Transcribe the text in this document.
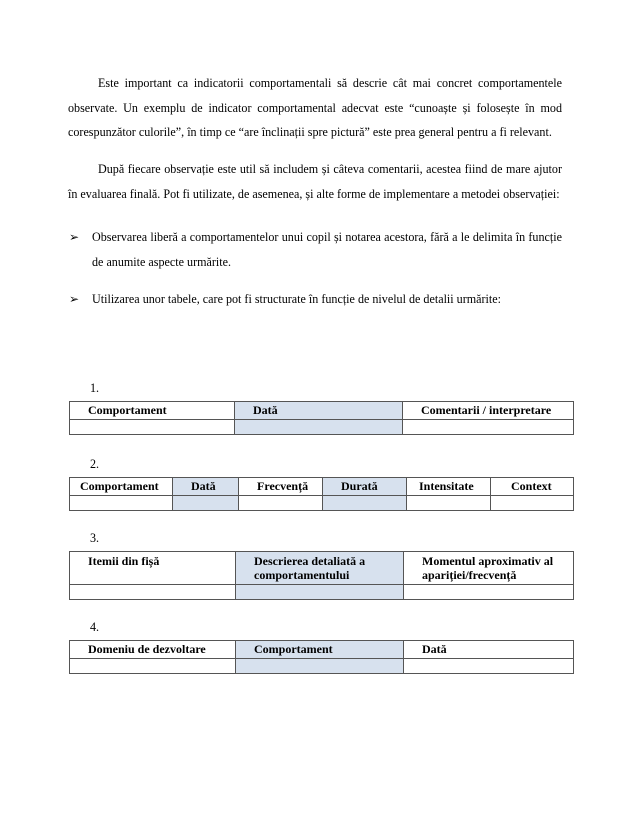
Este important ca indicatorii comportamentali să descrie cât mai concret comportamentele observate. Un exemplu de indicator comportamental adecvat este “cunoaște și folosește în mod corespunzător culorile”, în timp ce “are înclinații spre pictură” este prea general pentru a fi relevant.
După fiecare observație este util să includem și câteva comentarii, acestea fiind de mare ajutor în evaluarea finală. Pot fi utilizate, de asemenea, și alte forme de implementare a metodei observației:
➢ Observarea liberă a comportamentelor unui copil și notarea acestora, fără a le delimita în funcție de anumite aspecte urmărite.
➢ Utilizarea unor tabele, care pot fi structurate în funcție de nivelul de detalii urmărite:
1.
Comportament	Dată	Comentarii / interpretare

2.
Comportament	Dată	Frecvență	Durată	Intensitate	Context

3.
Itemii din fișă	Descrierea detaliată a comportamentului	Momentul aproximativ al apariției/frecvență

4.
Domeniu de dezvoltare	Comportament	Dată
